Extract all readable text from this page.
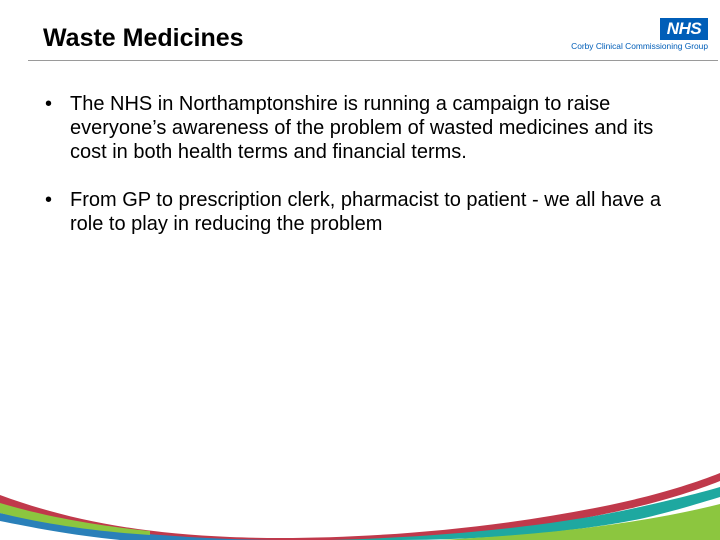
Waste Medicines	NHS
Corby Clinical Commissioning Group
• The NHS in Northamptonshire is running a campaign to raise everyone’s awareness of the problem of wasted medicines and its cost in both health terms and financial terms.
• From GP to prescription clerk, pharmacist to patient - we all have a role to play in reducing the problem
